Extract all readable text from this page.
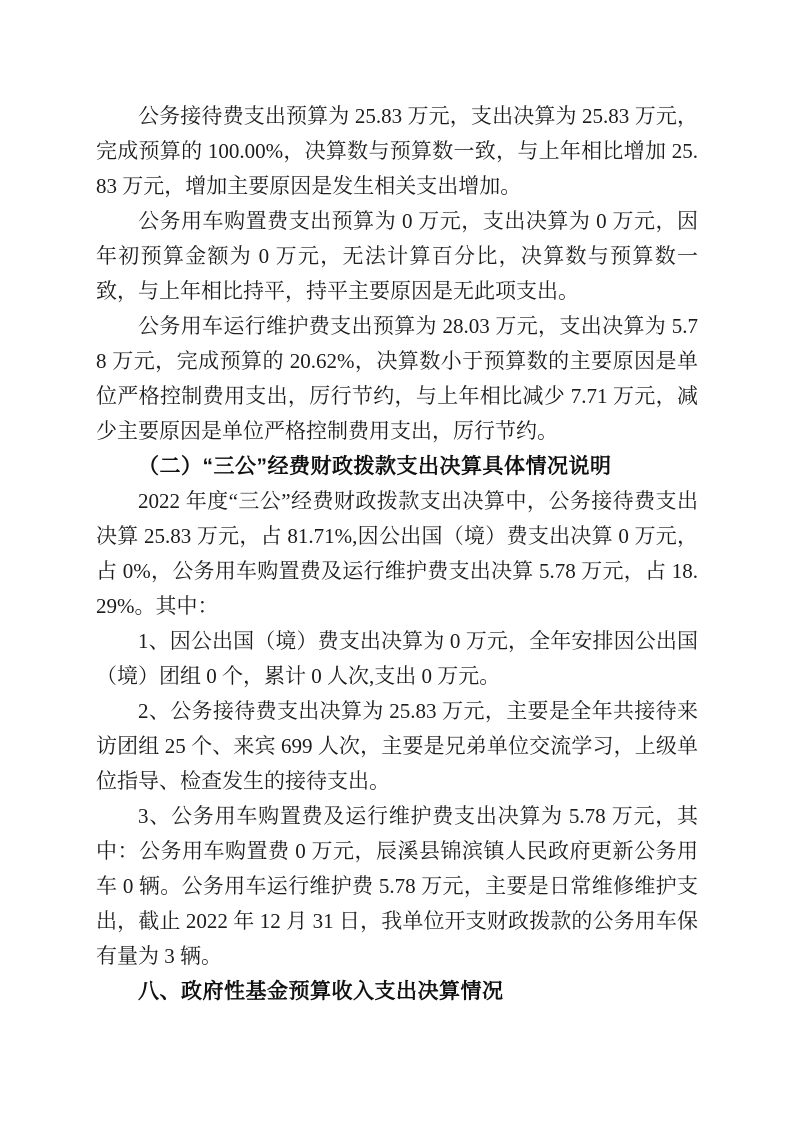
公务接待费支出预算为 25.83 万元，支出决算为 25.83 万元，完成预算的 100.00%，决算数与预算数一致，与上年相比增加 25.83 万元，增加主要原因是发生相关支出增加。

公务用车购置费支出预算为 0 万元，支出决算为 0 万元，因年初预算金额为 0 万元，无法计算百分比，决算数与预算数一致，与上年相比持平，持平主要原因是无此项支出。

公务用车运行维护费支出预算为 28.03 万元，支出决算为 5.78 万元，完成预算的 20.62%，决算数小于预算数的主要原因是单位严格控制费用支出，厉行节约，与上年相比减少 7.71 万元，减少主要原因是单位严格控制费用支出，厉行节约。

（二）“三公”经费财政拨款支出决算具体情况说明

2022 年度“三公”经费财政拨款支出决算中，公务接待费支出决算 25.83 万元，占 81.71%,因公出国（境）费支出决算 0 万元，占 0%，公务用车购置费及运行维护费支出决算 5.78 万元，占 18.29%。其中：

1、因公出国（境）费支出决算为 0 万元，全年安排因公出国（境）团组 0 个，累计 0 人次,支出 0 万元。

2、公务接待费支出决算为 25.83 万元，主要是全年共接待来访团组 25 个、来宾 699 人次，主要是兄弟单位交流学习，上级单位指导、检查发生的接待支出。

3、公务用车购置费及运行维护费支出决算为 5.78 万元，其中：公务用车购置费 0 万元，辰溪县锦滨镇人民政府更新公务用车 0 辆。公务用车运行维护费 5.78 万元，主要是日常维修维护支出，截止 2022 年 12 月 31 日，我单位开支财政拨款的公务用车保有量为 3 辆。

八、政府性基金预算收入支出决算情况
